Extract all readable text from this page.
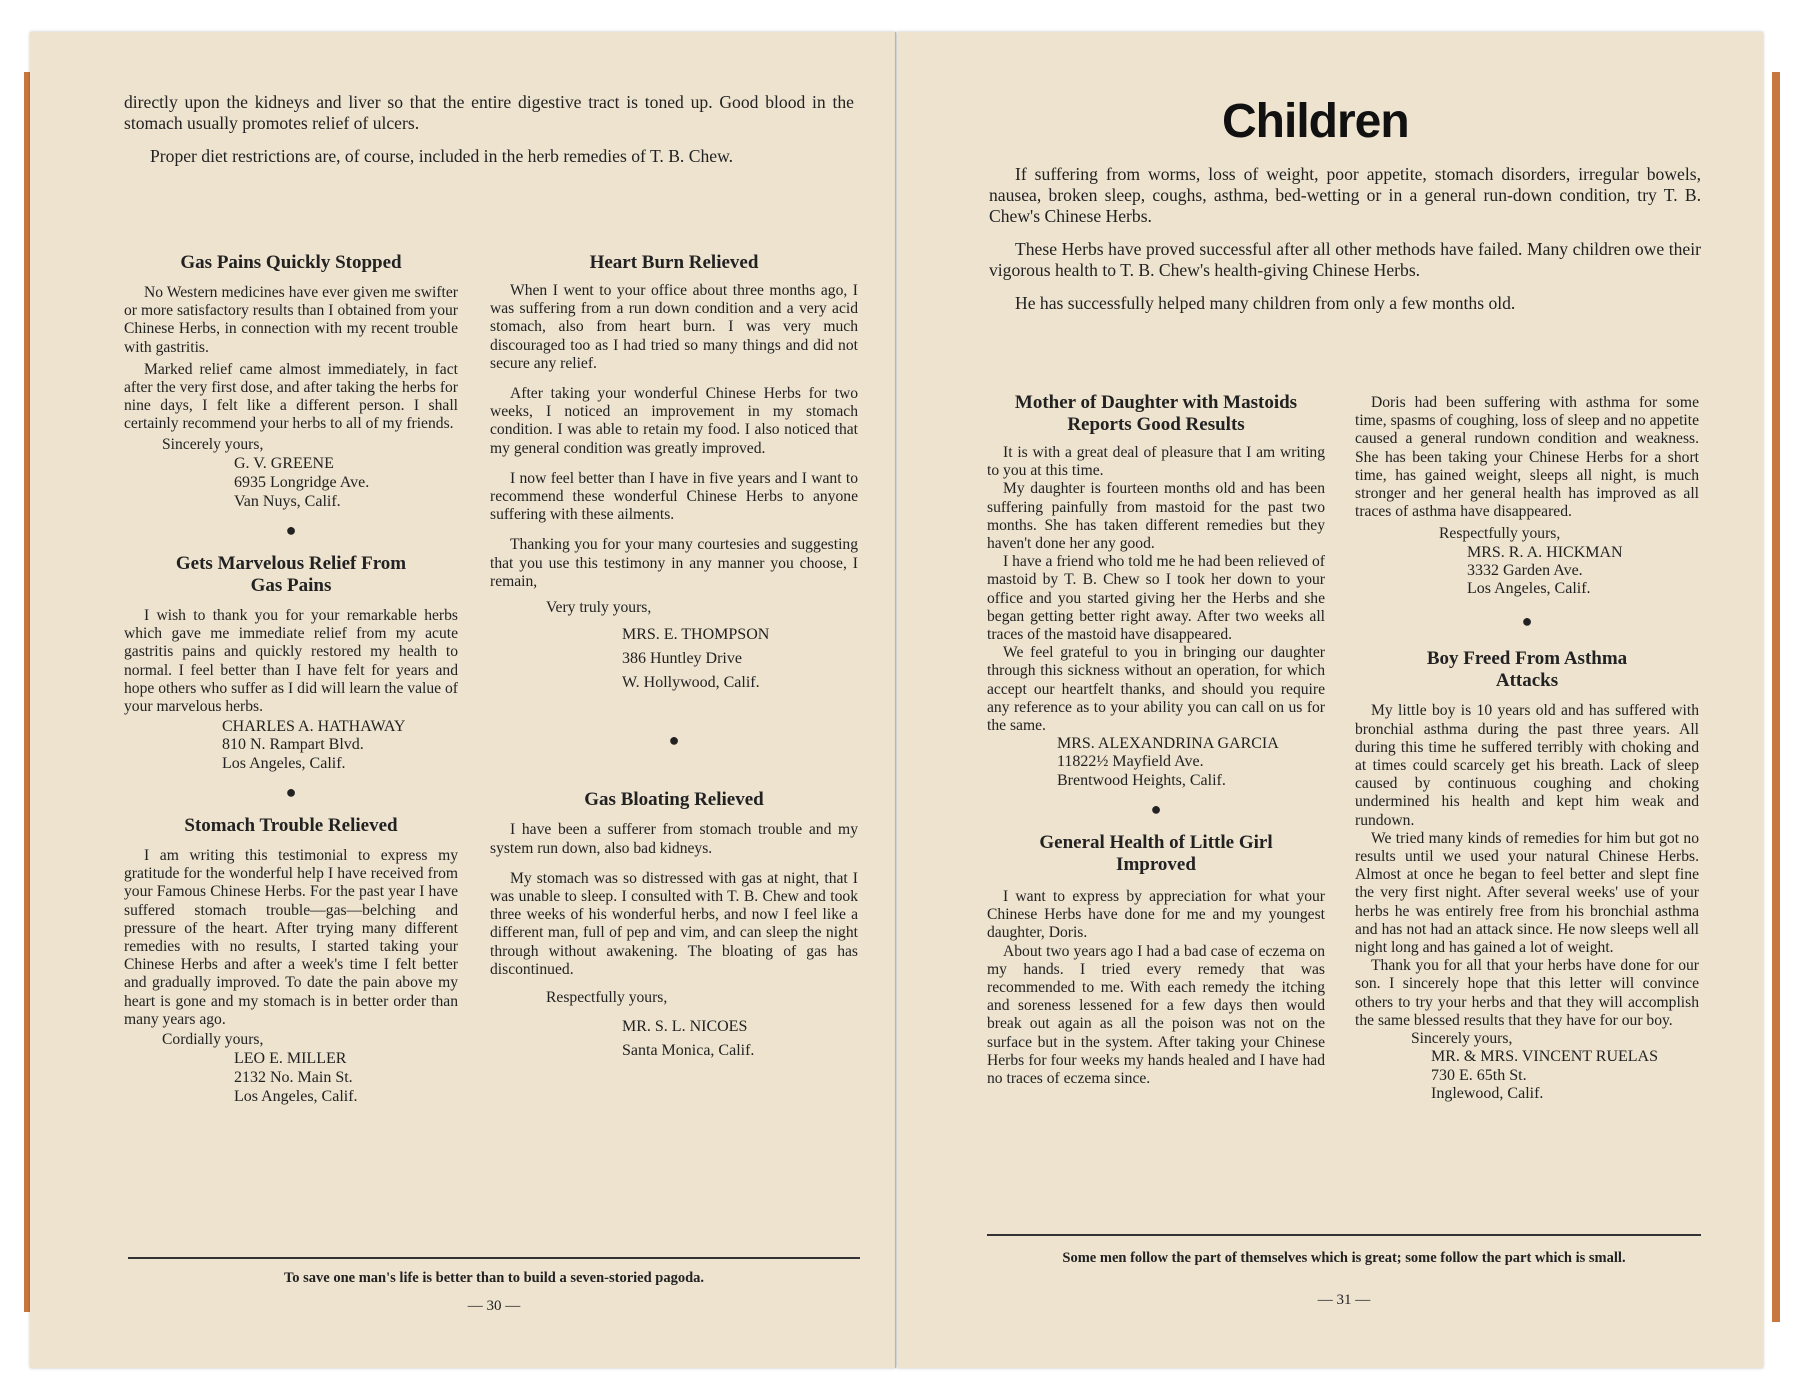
directly upon the kidneys and liver so that the entire digestive tract is toned up. Good blood in the stomach usually promotes relief of ulcers.

Proper diet restrictions are, of course, included in the herb remedies of T. B. Chew.

Gas Pains Quickly Stopped

No Western medicines have ever given me swifter or more satisfactory results than I obtained from your Chinese Herbs, in connection with my recent trouble with gastritis.

Marked relief came almost immediately, in fact after the very first dose, and after taking the herbs for nine days, I felt like a different person. I shall certainly recommend your herbs to all of my friends.

Sincerely yours,
G. V. GREENE
6935 Longridge Ave.
Van Nuys, Calif.
●
Gets Marvelous Relief From Gas Pains

I wish to thank you for your remarkable herbs which gave me immediate relief from my acute gastritis pains and quickly restored my health to normal. I feel better than I have felt for years and hope others who suffer as I did will learn the value of your marvelous herbs.

CHARLES A. HATHAWAY
810 N. Rampart Blvd.
Los Angeles, Calif.
●
Stomach Trouble Relieved

I am writing this testimonial to express my gratitude for the wonderful help I have received from your Famous Chinese Herbs. For the past year I have suffered stomach trouble—gas—belching and pressure of the heart. After trying many different remedies with no results, I started taking your Chinese Herbs and after a week's time I felt better and gradually improved. To date the pain above my heart is gone and my stomach is in better order than many years ago.

Cordially yours,
LEO E. MILLER
2132 No. Main St.
Los Angeles, Calif.
Heart Burn Relieved

When I went to your office about three months ago, I was suffering from a run down condition and a very acid stomach, also from heart burn. I was very much discouraged too as I had tried so many things and did not secure any relief.

After taking your wonderful Chinese Herbs for two weeks, I noticed an improvement in my stomach condition. I was able to retain my food. I also noticed that my general condition was greatly improved.

I now feel better than I have in five years and I want to recommend these wonderful Chinese Herbs to anyone suffering with these ailments.

Thanking you for your many courtesies and suggesting that you use this testimony in any manner you choose, I remain,

Very truly yours,
MRS. E. THOMPSON
386 Huntley Drive
W. Hollywood, Calif.
●
Gas Bloating Relieved

I have been a sufferer from stomach trouble and my system run down, also bad kidneys.

My stomach was so distressed with gas at night, that I was unable to sleep. I consulted with T. B. Chew and took three weeks of his wonderful herbs, and now I feel like a different man, full of pep and vim, and can sleep the night through without awakening. The bloating of gas has discontinued.

Respectfully yours,
MR. S. L. NICOES
Santa Monica, Calif.
To save one man's life is better than to build a seven-storied pagoda.
— 30 —
Children

If suffering from worms, loss of weight, poor appetite, stomach disorders, irregular bowels, nausea, broken sleep, coughs, asthma, bed-wetting or in a general run-down condition, try T. B. Chew's Chinese Herbs.

These Herbs have proved successful after all other methods have failed. Many children owe their vigorous health to T. B. Chew's health-giving Chinese Herbs.

He has successfully helped many children from only a few months old.

Mother of Daughter with Mastoids Reports Good Results

It is with a great deal of pleasure that I am writing to you at this time.

My daughter is fourteen months old and has been suffering painfully from mastoid for the past two months. She has taken different remedies but they haven't done her any good.

I have a friend who told me he had been relieved of mastoid by T. B. Chew so I took her down to your office and you started giving her the Herbs and she began getting better right away. After two weeks all traces of the mastoid have disappeared.

We feel grateful to you in bringing our daughter through this sickness without an operation, for which accept our heartfelt thanks, and should you require any reference as to your ability you can call on us for the same.

MRS. ALEXANDRINA GARCIA
11822½ Mayfield Ave.
Brentwood Heights, Calif.
●
General Health of Little Girl Improved

I want to express by appreciation for what your Chinese Herbs have done for me and my youngest daughter, Doris.

About two years ago I had a bad case of eczema on my hands. I tried every remedy that was recommended to me. With each remedy the itching and soreness lessened for a few days then would break out again as all the poison was not on the surface but in the system. After taking your Chinese Herbs for four weeks my hands healed and I have had no traces of eczema since.

Doris had been suffering with asthma for some time, spasms of coughing, loss of sleep and no appetite caused a general rundown condition and weakness. She has been taking your Chinese Herbs for a short time, has gained weight, sleeps all night, is much stronger and her general health has improved as all traces of asthma have disappeared.

Respectfully yours,
MRS. R. A. HICKMAN
3332 Garden Ave.
Los Angeles, Calif.
●
Boy Freed From Asthma Attacks

My little boy is 10 years old and has suffered with bronchial asthma during the past three years. All during this time he suffered terribly with choking and at times could scarcely get his breath. Lack of sleep caused by continuous coughing and choking undermined his health and kept him weak and rundown.

We tried many kinds of remedies for him but got no results until we used your natural Chinese Herbs. Almost at once he began to feel better and slept fine the very first night. After several weeks' use of your herbs he was entirely free from his bronchial asthma and has not had an attack since. He now sleeps well all night long and has gained a lot of weight.

Thank you for all that your herbs have done for our son. I sincerely hope that this letter will convince others to try your herbs and that they will accomplish the same blessed results that they have for our boy.

Sincerely yours,
MR. & MRS. VINCENT RUELAS
730 E. 65th St.
Inglewood, Calif.
Some men follow the part of themselves which is great; some follow the part which is small.
— 31 —
